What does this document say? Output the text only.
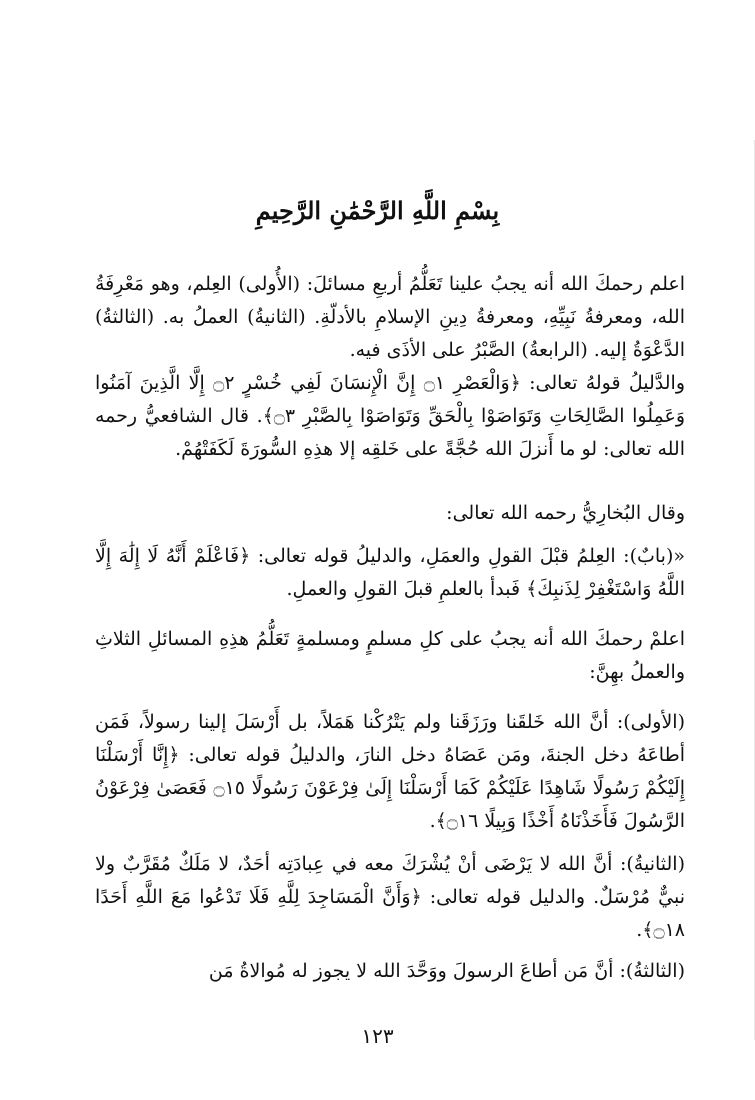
بِسْمِ اللَّهِ الرَّحْمَٰنِ الرَّحِيمِ
اعلم رحمكَ الله أنه يجبُ علينا تَعَلُّمُ أربعِ مسائلَ: (الأُولى) العِلم، وهو مَعْرِفَةُ الله، ومعرفةُ نَبِيِّهِ، ومعرفةُ دِينِ الإسلامِ بالأدلّةِ. (الثانيةُ) العملُ به. (الثالثةُ) الدَّعْوَةُ إليه. (الرابعةُ) الصَّبْرُ على الأذَى فيه.
والدَّليلُ قولهُ تعالى: ﴿وَالْعَصْرِ ۝١ إِنَّ الْإِنسَانَ لَفِي خُسْرٍ ۝٢ إِلَّا الَّذِينَ آمَنُوا وَعَمِلُوا الصَّالِحَاتِ وَتَوَاصَوْا بِالْحَقِّ وَتَوَاصَوْا بِالصَّبْرِ ۝٣﴾. قال الشافعيُّ رحمه الله تعالى: لو ما أَنزلَ الله حُجَّةً على خَلقِه إلا هذِهِ السُّورَةَ لَكَفَتْهُمْ.
وقال البُخارِيُّ رحمه الله تعالى:
«(بابٌ): العِلمُ قبْلَ القولِ والعمَلِ، والدليلُ قوله تعالى: ﴿فَاعْلَمْ أَنَّهُ لَا إِلَٰهَ إِلَّا اللَّهُ وَاسْتَغْفِرْ لِذَنبِكَ﴾ فَبدأ بالعلمِ قبلَ القولِ والعملِ.
اعلمْ رحمكَ الله أنه يجبُ على كلِ مسلمٍ ومسلمةٍ تَعَلُّمُ هذِهِ المسائلِ الثلاثِ والعملُ بهِنَّ:
(الأولى): أنَّ الله خَلقَنا ورَزَقَنا ولم يَتْرُكْنا هَمَلاً، بل أَرْسَلَ إلينا رسولاً، فَمَن أطاعَهُ دخل الجنةَ، ومَن عَصَاهُ دخل النارَ، والدليلُ قوله تعالى: ﴿إِنَّا أَرْسَلْنَا إِلَيْكُمْ رَسُولًا شَاهِدًا عَلَيْكُمْ كَمَا أَرْسَلْنَا إِلَىٰ فِرْعَوْنَ رَسُولًا ۝١٥ فَعَصَىٰ فِرْعَوْنُ الرَّسُولَ فَأَخَذْنَاهُ أَخْذًا وَبِيلًا ۝١٦﴾.
(الثانيةُ): أنَّ الله لا يَرْضَى أنْ يُشْرَكَ معه في عِبادَتِه أحَدٌ، لا مَلَكٌ مُقَرَّبٌ ولا نبيٌّ مُرْسَلٌ. والدليل قوله تعالى: ﴿وَأَنَّ الْمَسَاجِدَ لِلَّهِ فَلَا تَدْعُوا مَعَ اللَّهِ أَحَدًا ۝١٨﴾.
(الثالثةُ): أنَّ مَن أطاعَ الرسولَ ووَحَّدَ الله لا يجوز له مُوالاةُ مَن
١٢٣
